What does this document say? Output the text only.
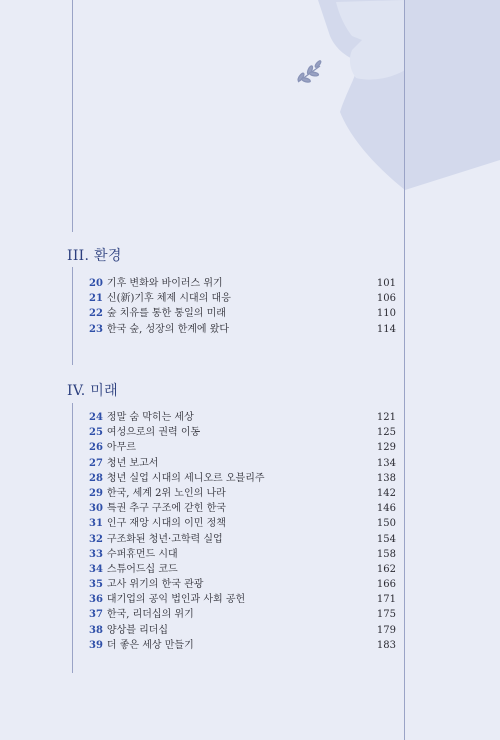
III. 환경
20 기후 변화와 바이러스 위기	101
21 신(新)기후 체제 시대의 대응	106
22 숲 치유를 통한 통일의 미래	110
23 한국 숲, 성장의 한계에 왔다	114
IV. 미래
24 정말 숨 막히는 세상	121
25 여성으로의 권력 이동	125
26 아무르	129
27 청년 보고서	134
28 청년 실업 시대의 세니오르 오블리주	138
29 한국, 세계 2위 노인의 나라	142
30 특권 추구 구조에 갇힌 한국	146
31 인구 재앙 시대의 이민 정책	150
32 구조화된 청년·고학력 실업	154
33 수퍼휴먼드 시대	158
34 스튜어드십 코드	162
35 고사 위기의 한국 관광	166
36 대기업의 공익 법인과 사회 공헌	171
37 한국, 리더십의 위기	175
38 양상블 리더십	179
39 더 좋은 세상 만들기	183
